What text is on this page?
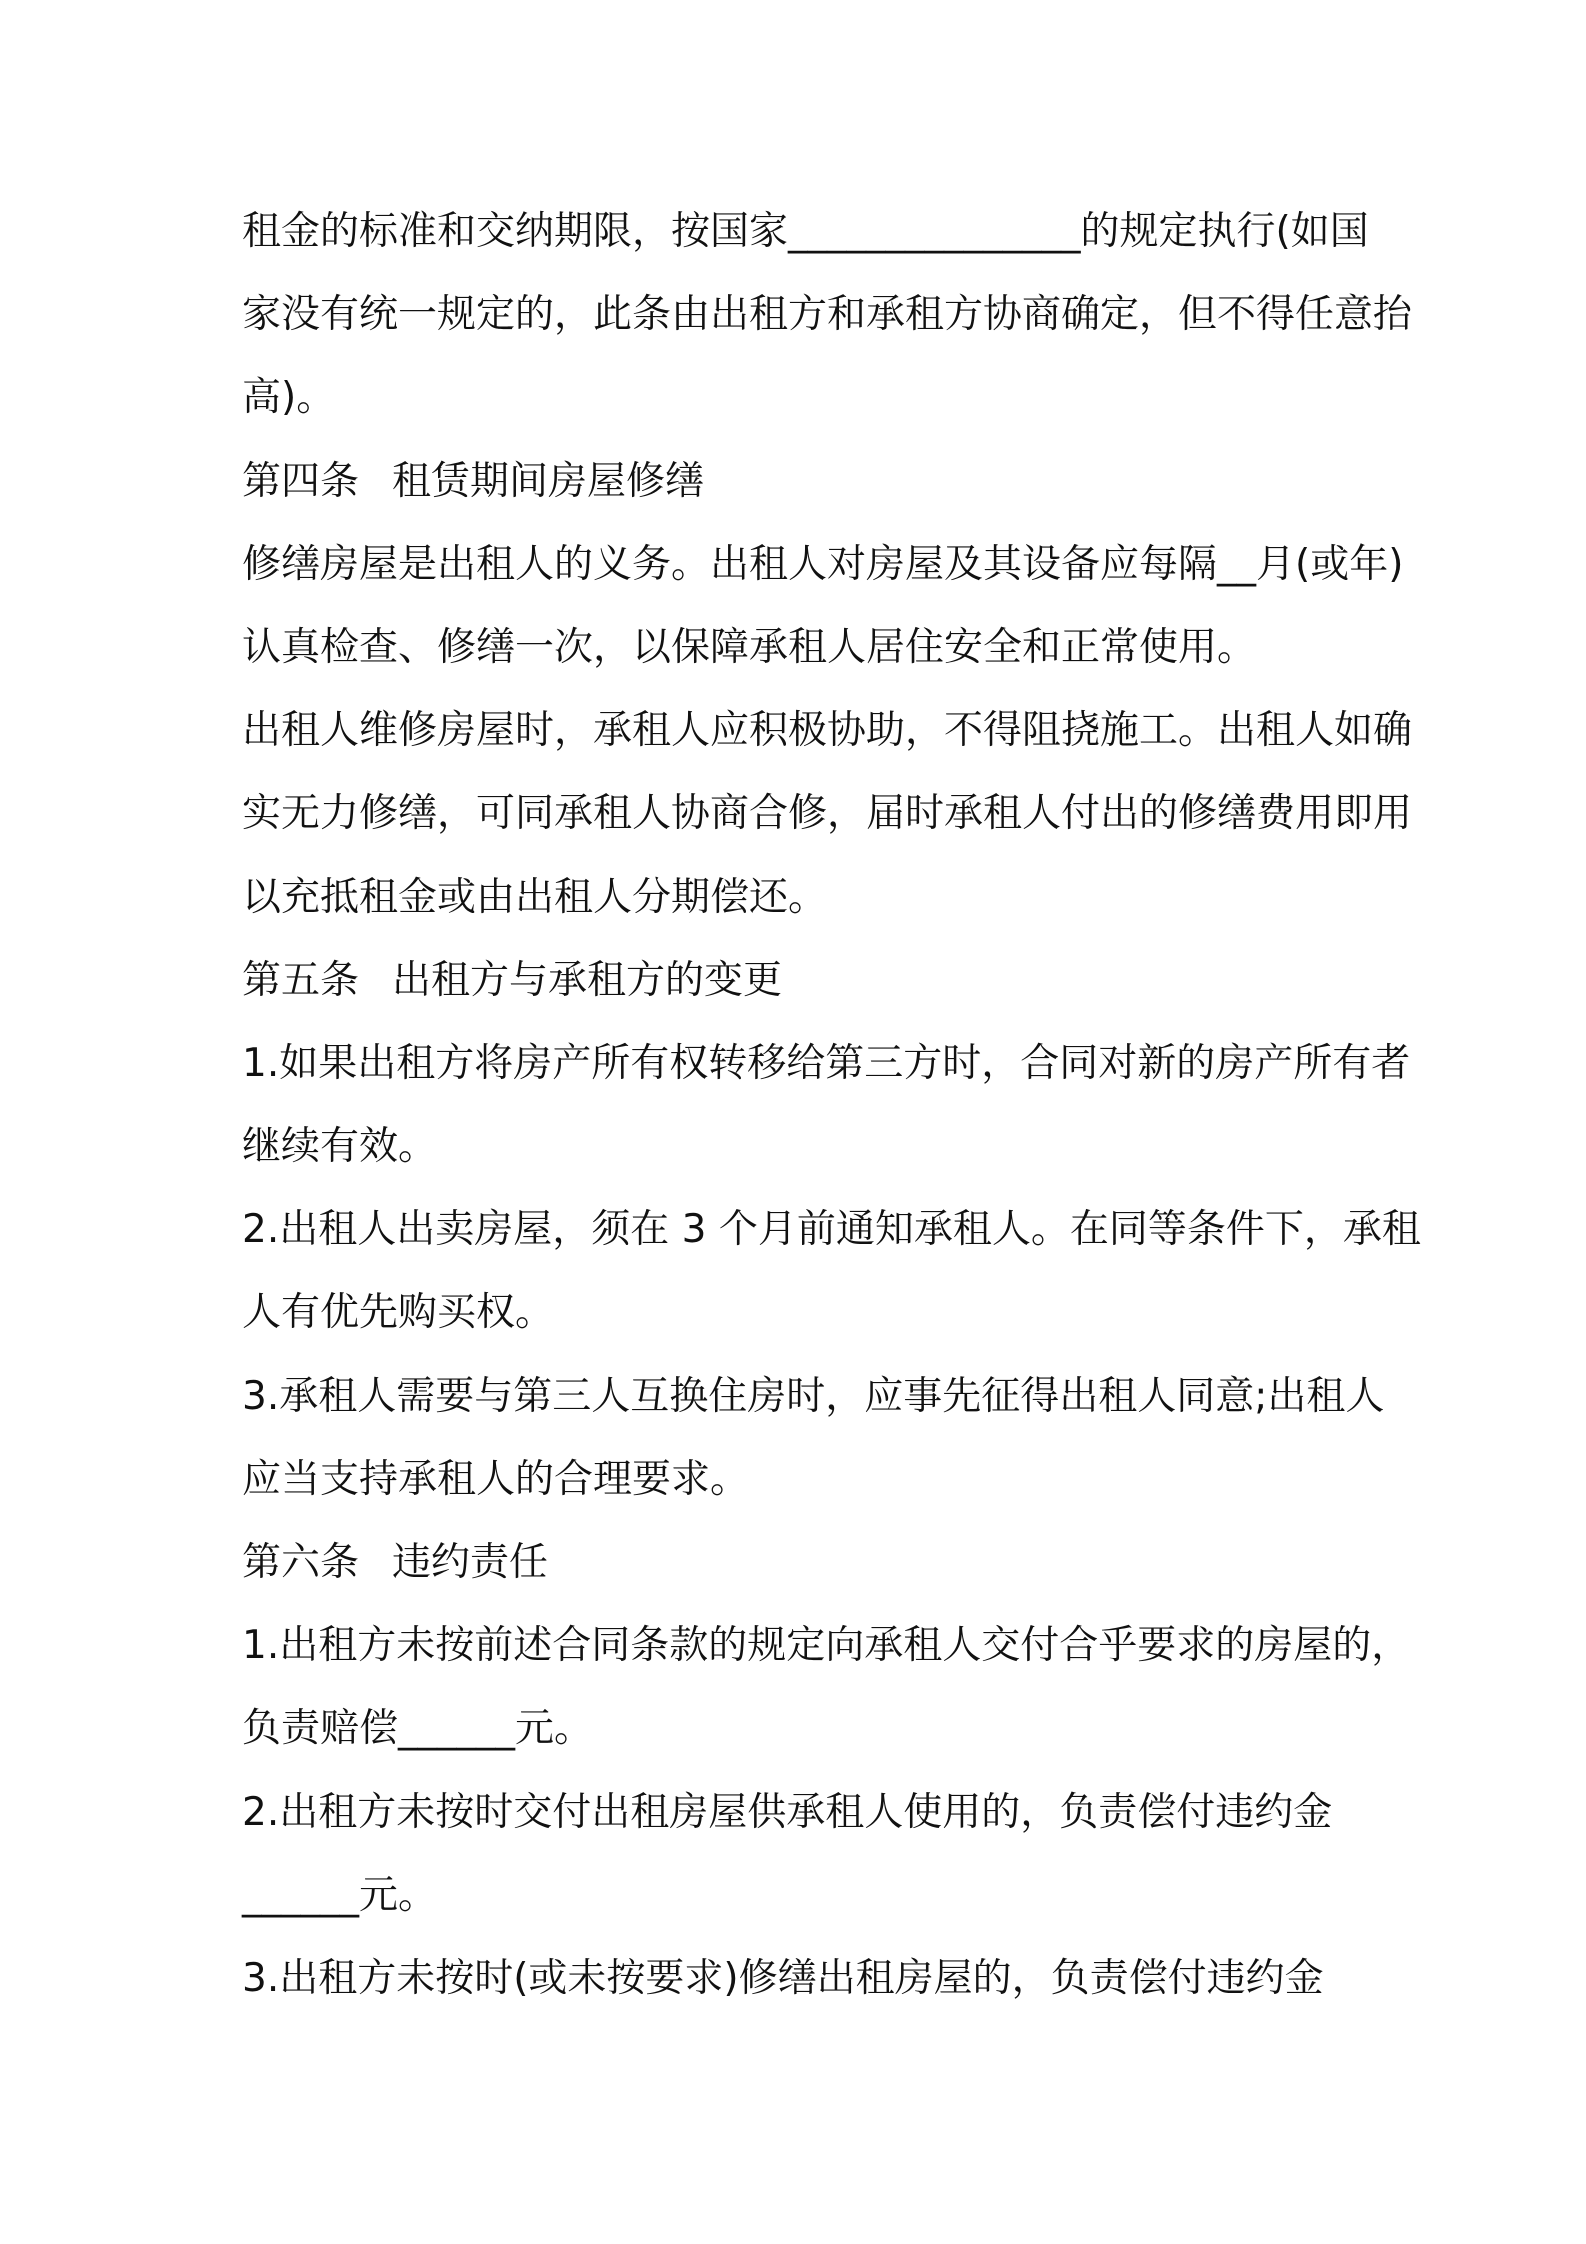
租金的标准和交纳期限，按国家_______________的规定执行(如国
家没有统一规定的，此条由出租方和承租方协商确定，但不得任意抬
高)。
第四条 租赁期间房屋修缮
修缮房屋是出租人的义务。出租人对房屋及其设备应每隔__月(或年)
认真检查、修缮一次，以保障承租人居住安全和正常使用。
出租人维修房屋时，承租人应积极协助，不得阻挠施工。出租人如确
实无力修缮，可同承租人协商合修，届时承租人付出的修缮费用即用
以充抵租金或由出租人分期偿还。
第五条 出租方与承租方的变更
1.如果出租方将房产所有权转移给第三方时，合同对新的房产所有者
继续有效。
2.出租人出卖房屋，须在 3 个月前通知承租人。在同等条件下，承租
人有优先购买权。
3.承租人需要与第三人互换住房时，应事先征得出租人同意;出租人
应当支持承租人的合理要求。
第六条 违约责任
1.出租方未按前述合同条款的规定向承租人交付合乎要求的房屋的，
负责赔偿______元。
2.出租方未按时交付出租房屋供承租人使用的，负责偿付违约金
______元。
3.出租方未按时(或未按要求)修缮出租房屋的，负责偿付违约金
